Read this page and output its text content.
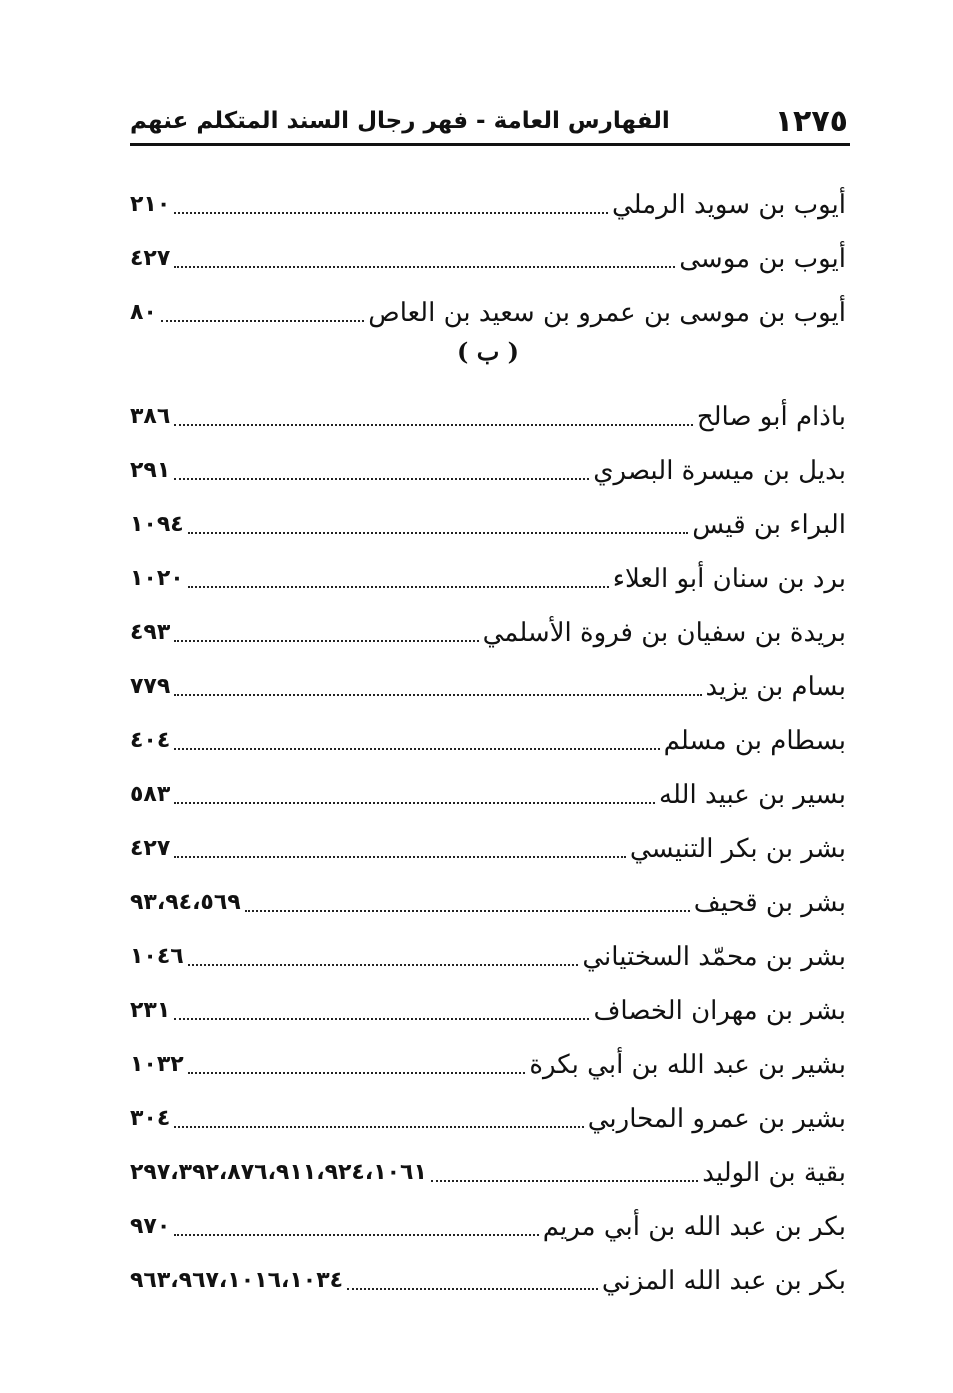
١٢٧٥
الفهارس العامة - فهر رجال السند المتكلم عنهم
أيوب بن سويد الرملي
٢١٠
أيوب بن موسى
٤٢٧
أيوب بن موسى بن عمرو بن سعيد بن العاص
٨٠
( ب )
باذام أبو صالح
٣٨٦
بديل بن ميسرة البصري
٢٩١
البراء بن قيس
١٠٩٤
برد بن سنان أبو العلاء
١٠٢٠
بريدة بن سفيان بن فروة الأسلمي
٤٩٣
بسام بن يزيد
٧٧٩
بسطام بن مسلم
٤٠٤
بسير بن عبيد الله
٥٨٣
بشر بن بكر التنيسي
٤٢٧
بشر بن قحيف
٩٣،٩٤،٥٦٩
بشر بن محمّد السختياني
١٠٤٦
بشر بن مهران الخصاف
٢٣١
بشير بن عبد الله بن أبي بكرة
١٠٣٢
بشير بن عمرو المحاربي
٣٠٤
بقية بن الوليد
٢٩٧،٣٩٢،٨٧٦،٩١١،٩٢٤،١٠٦١
بكر بن عبد الله بن أبي مريم
٩٧٠
بكر بن عبد الله المزني
٩٦٣،٩٦٧،١٠١٦،١٠٣٤
